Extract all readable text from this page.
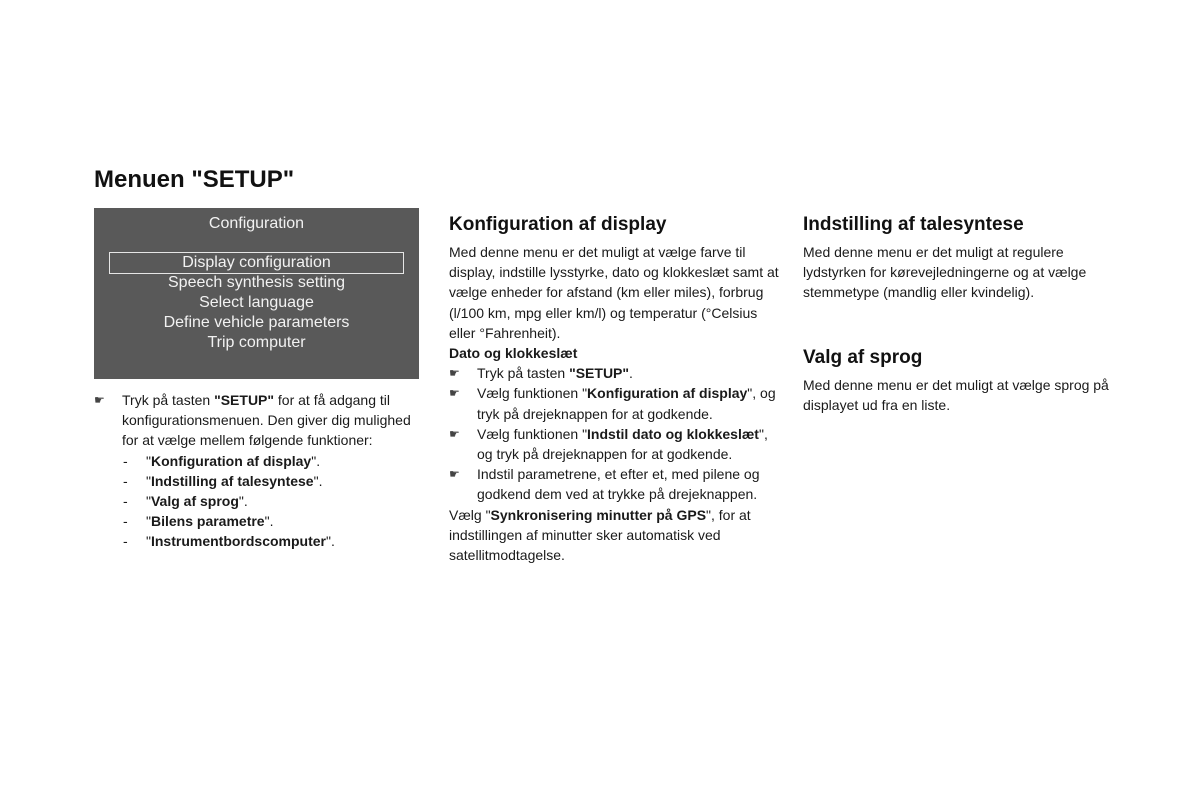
Menuen "SETUP"
Configuration
Display configuration
Speech synthesis setting
Select language
Define vehicle parameters
Trip computer
☛ Tryk på tasten "SETUP" for at få adgang til konfigurationsmenuen. Den giver dig mulighed for at vælge mellem følgende funktioner:
- "Konfiguration af display".
- "Indstilling af talesyntese".
- "Valg af sprog".
- "Bilens parametre".
- "Instrumentbordscomputer".
Konfiguration af display

Med denne menu er det muligt at vælge farve til display, indstille lysstyrke, dato og klokkeslæt samt at vælge enheder for afstand (km eller miles), forbrug (l/100 km, mpg eller km/l) og temperatur (°Celsius eller °Fahrenheit).

Dato og klokkeslæt

☛ Tryk på tasten "SETUP".
☛ Vælg funktionen "Konfiguration af display", og tryk på drejeknappen for at godkende.
☛ Vælg funktionen "Indstil dato og klokkeslæt", og tryk på drejeknappen for at godkende.
☛ Indstil parametrene, et efter et, med pilene og godkend dem ved at trykke på drejeknappen.

Vælg "Synkronisering minutter på GPS", for at indstillingen af minutter sker automatisk ved satellitmodtagelse.

Indstilling af talesyntese

Med denne menu er det muligt at regulere lydstyrken for kørevejledningerne og at vælge stemmetype (mandlig eller kvindelig).

Valg af sprog

Med denne menu er det muligt at vælge sprog på displayet ud fra en liste.
